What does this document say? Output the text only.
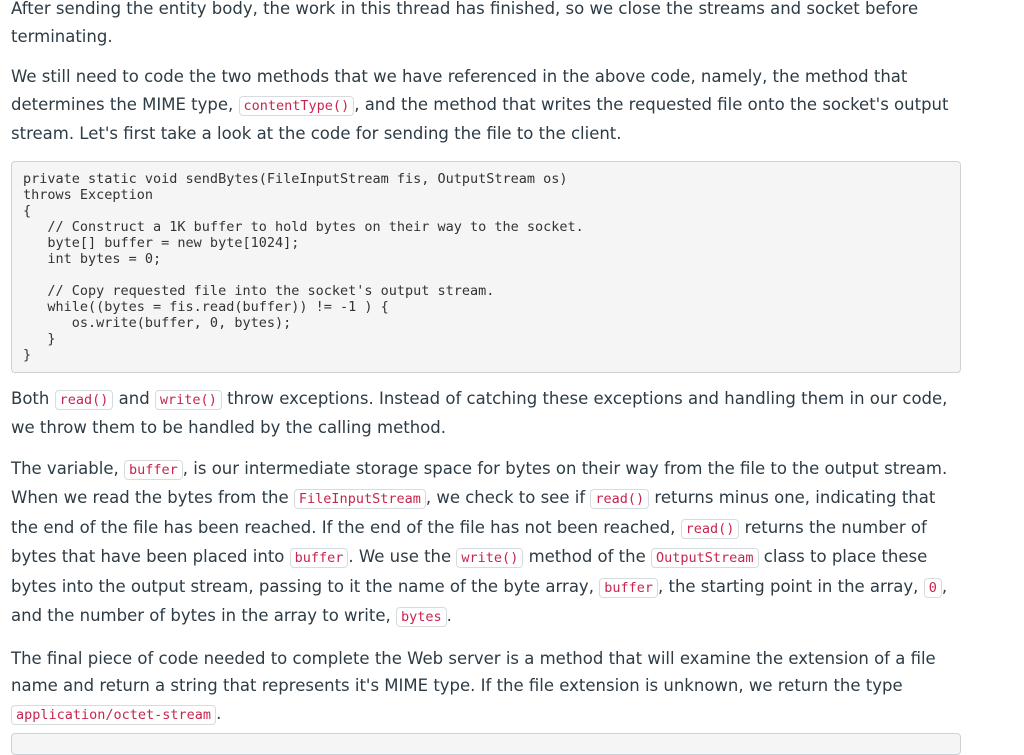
After sending the entity body, the work in this thread has finished, so we close the streams and socket before terminating.

We still need to code the two methods that we have referenced in the above code, namely, the method that determines the MIME type, contentType() , and the method that writes the requested file onto the socket's output stream. Let's first take a look at the code for sending the file to the client.

private static void sendBytes(FileInputStream fis, OutputStream os)
throws Exception
{
// Construct a 1K buffer to hold bytes on their way to the socket.
byte[] buffer = new byte[1024];
int bytes = 0;

// Copy requested file into the socket's output stream.
while((bytes = fis.read(buffer)) != -1 ) {
os.write(buffer, 0, bytes);
}
}

Both read() and write() throw exceptions. Instead of catching these exceptions and handling them in our code, we throw them to be handled by the calling method.

The variable, buffer , is our intermediate storage space for bytes on their way from the file to the output stream. When we read the bytes from the FileInputStream , we check to see if read() returns minus one, indicating that the end of the file has been reached. If the end of the file has not been reached, read() returns the number of bytes that have been placed into buffer . We use the write() method of the OutputStream class to place these bytes into the output stream, passing to it the name of the byte array, buffer , the starting point in the array, 0 , and the number of bytes in the array to write, bytes .

The final piece of code needed to complete the Web server is a method that will examine the extension of a file name and return a string that represents it's MIME type. If the file extension is unknown, we return the type application/octet-stream .
